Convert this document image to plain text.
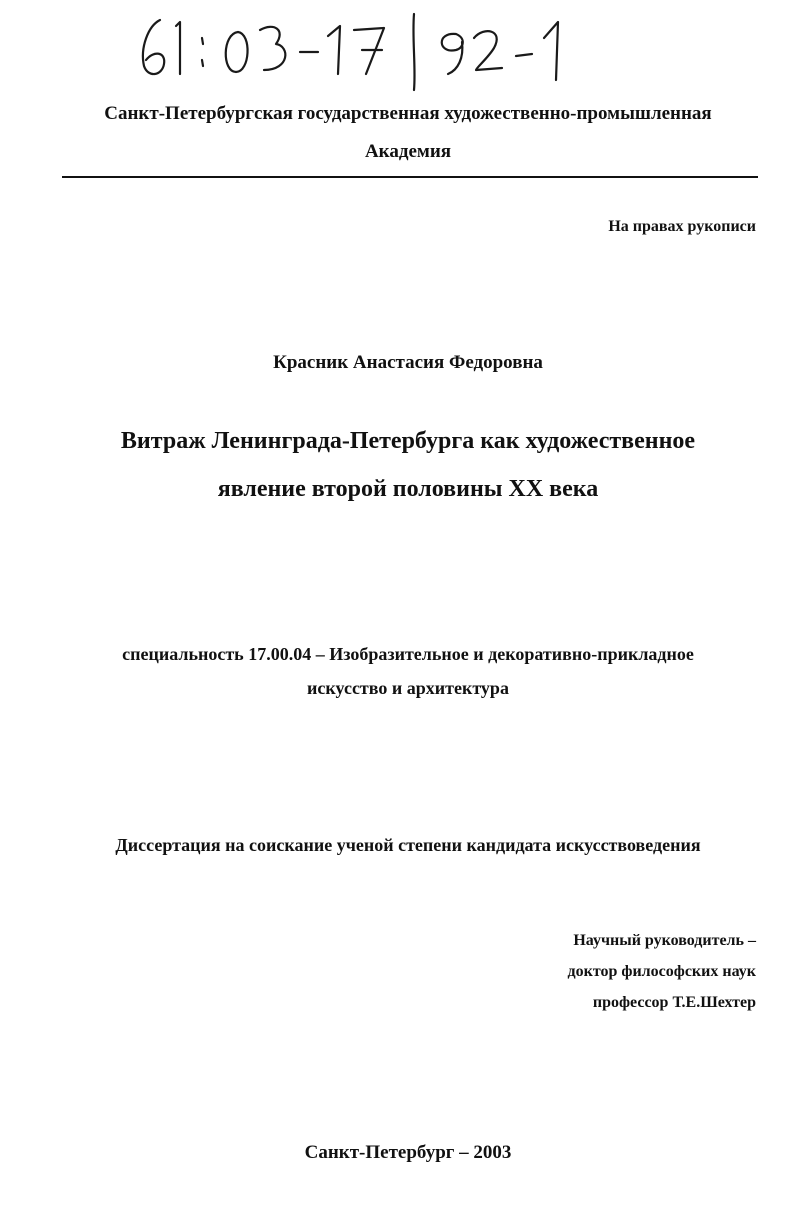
Санкт-Петербургская государственная художественно-промышленная
Академия
На правах рукописи
Красник Анастасия Федоровна
Витраж Ленинграда-Петербурга как художественное
явление второй половины XX века
специальность 17.00.04 – Изобразительное и декоративно-прикладное
искусство и архитектура
Диссертация на соискание ученой степени кандидата искусствоведения
Научный руководитель –
доктор философских наук
профессор Т.Е.Шехтер
Санкт-Петербург – 2003
